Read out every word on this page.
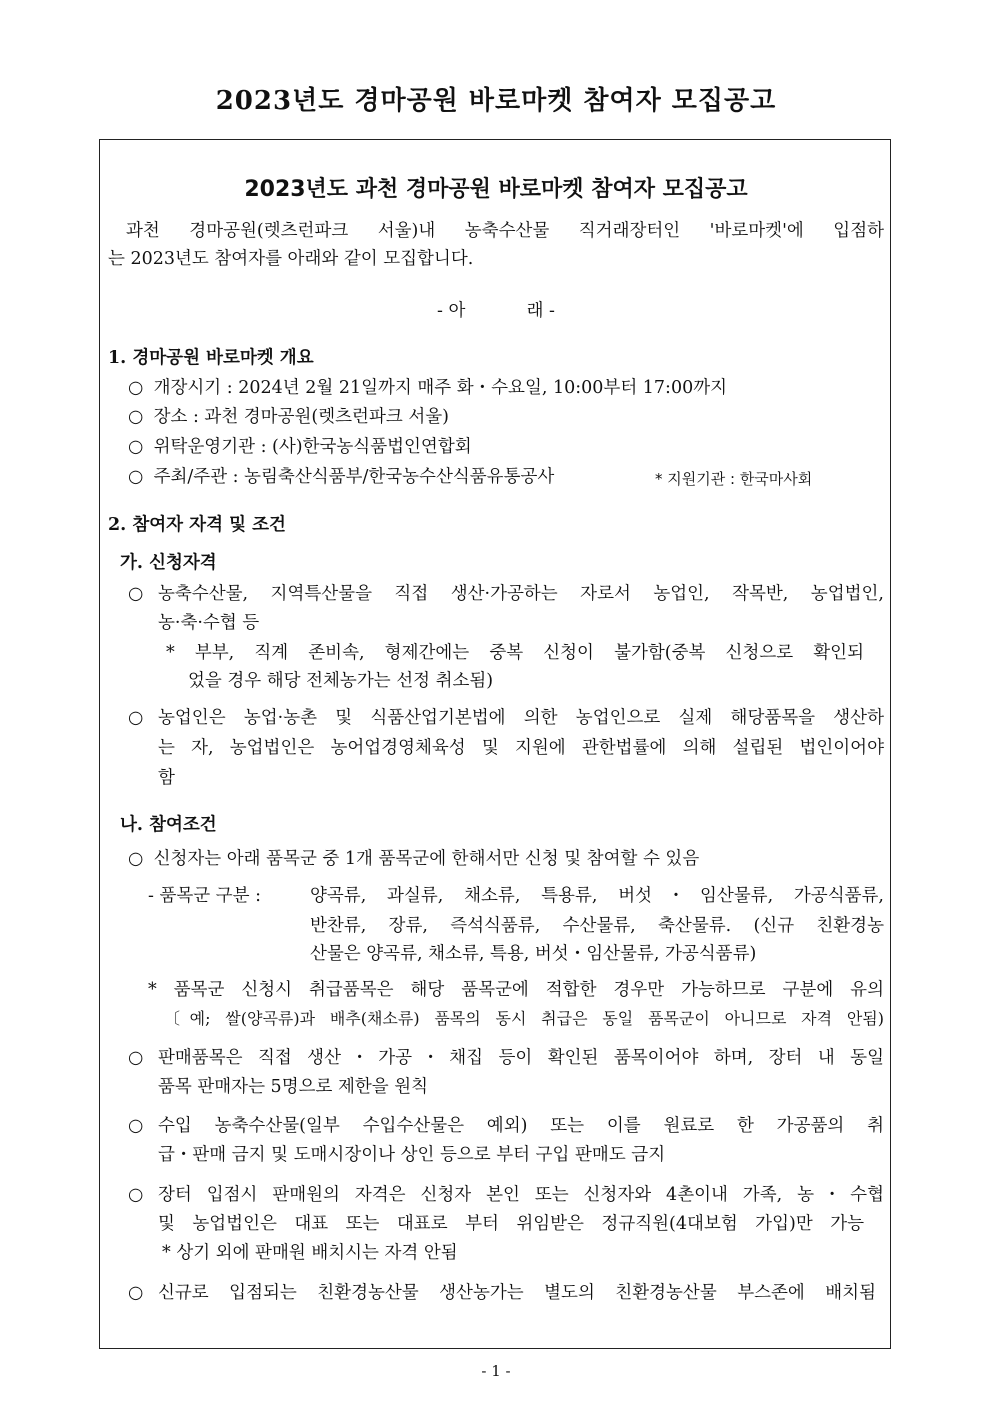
2023년도 경마공원 바로마켓 참여자 모집공고
2023년도 과천 경마공원 바로마켓 참여자 모집공고
과천 경마공원(렛츠런파크 서울)내 농축수산물 직거래장터인 '바로마켓'에 입점하
는 2023년도 참여자를 아래와 같이 모집합니다.
- 아           래 -
1. 경마공원 바로마켓 개요
○ 개장시기 : 2024년 2월 21일까지 매주 화・수요일, 10:00부터 17:00까지
○ 장소 : 과천 경마공원(렛츠런파크 서울)
○ 위탁운영기관 : (사)한국농식품법인연합회
○ 주최/주관 : 농림축산식품부/한국농수산식품유통공사	* 지원기관 : 한국마사회
2. 참여자 자격 및 조건
가. 신청자격
○ 농축수산물, 지역특산물을 직접 생산·가공하는 자로서 농업인, 작목반, 농업법인,
농·축·수협 등
* 부부, 직계 존비속, 형제간에는 중복 신청이 불가함(중복 신청으로 확인되
었을 경우 해당 전체농가는 선정 취소됨)
○ 농업인은 농업·농촌 및 식품산업기본법에 의한 농업인으로 실제 해당품목을 생산하
는 자, 농업법인은 농어업경영체육성 및 지원에 관한법률에 의해 설립된 법인이어야
함
나. 참여조건
○ 신청자는 아래 품목군 중 1개 품목군에 한해서만 신청 및 참여할 수 있음
- 품목군 구분 :	양곡류, 과실류, 채소류, 특용류, 버섯・임산물류, 가공식품류,
반찬류, 장류, 즉석식품류, 수산물류, 축산물류. (신규 친환경농
산물은 양곡류, 채소류, 특용, 버섯・임산물류, 가공식품류)
* 품목군 신청시 취급품목은 해당 품목군에 적합한 경우만 가능하므로 구분에 유의
〔예; 쌀(양곡류)과 배추(채소류) 품목의 동시 취급은 동일 품목군이 아니므로 자격 안됨)
○ 판매품목은 직접 생산・가공・채집 등이 확인된 품목이어야 하며, 장터 내 동일
품목 판매자는 5명으로 제한을 원칙
○ 수입 농축수산물(일부 수입수산물은 예외) 또는 이를 원료로 한 가공품의 취
급・판매 금지 및 도매시장이나 상인 등으로 부터 구입 판매도 금지
○ 장터 입점시 판매원의 자격은 신청자 본인 또는 신청자와 4촌이내 가족, 농・수협
및 농업법인은 대표 또는 대표로 부터 위임받은 정규직원(4대보험 가입)만 가능
* 상기 외에 판매원 배치시는 자격 안됨
○ 신규로 입점되는 친환경농산물 생산농가는 별도의 친환경농산물 부스존에 배치됨
- 1 -
